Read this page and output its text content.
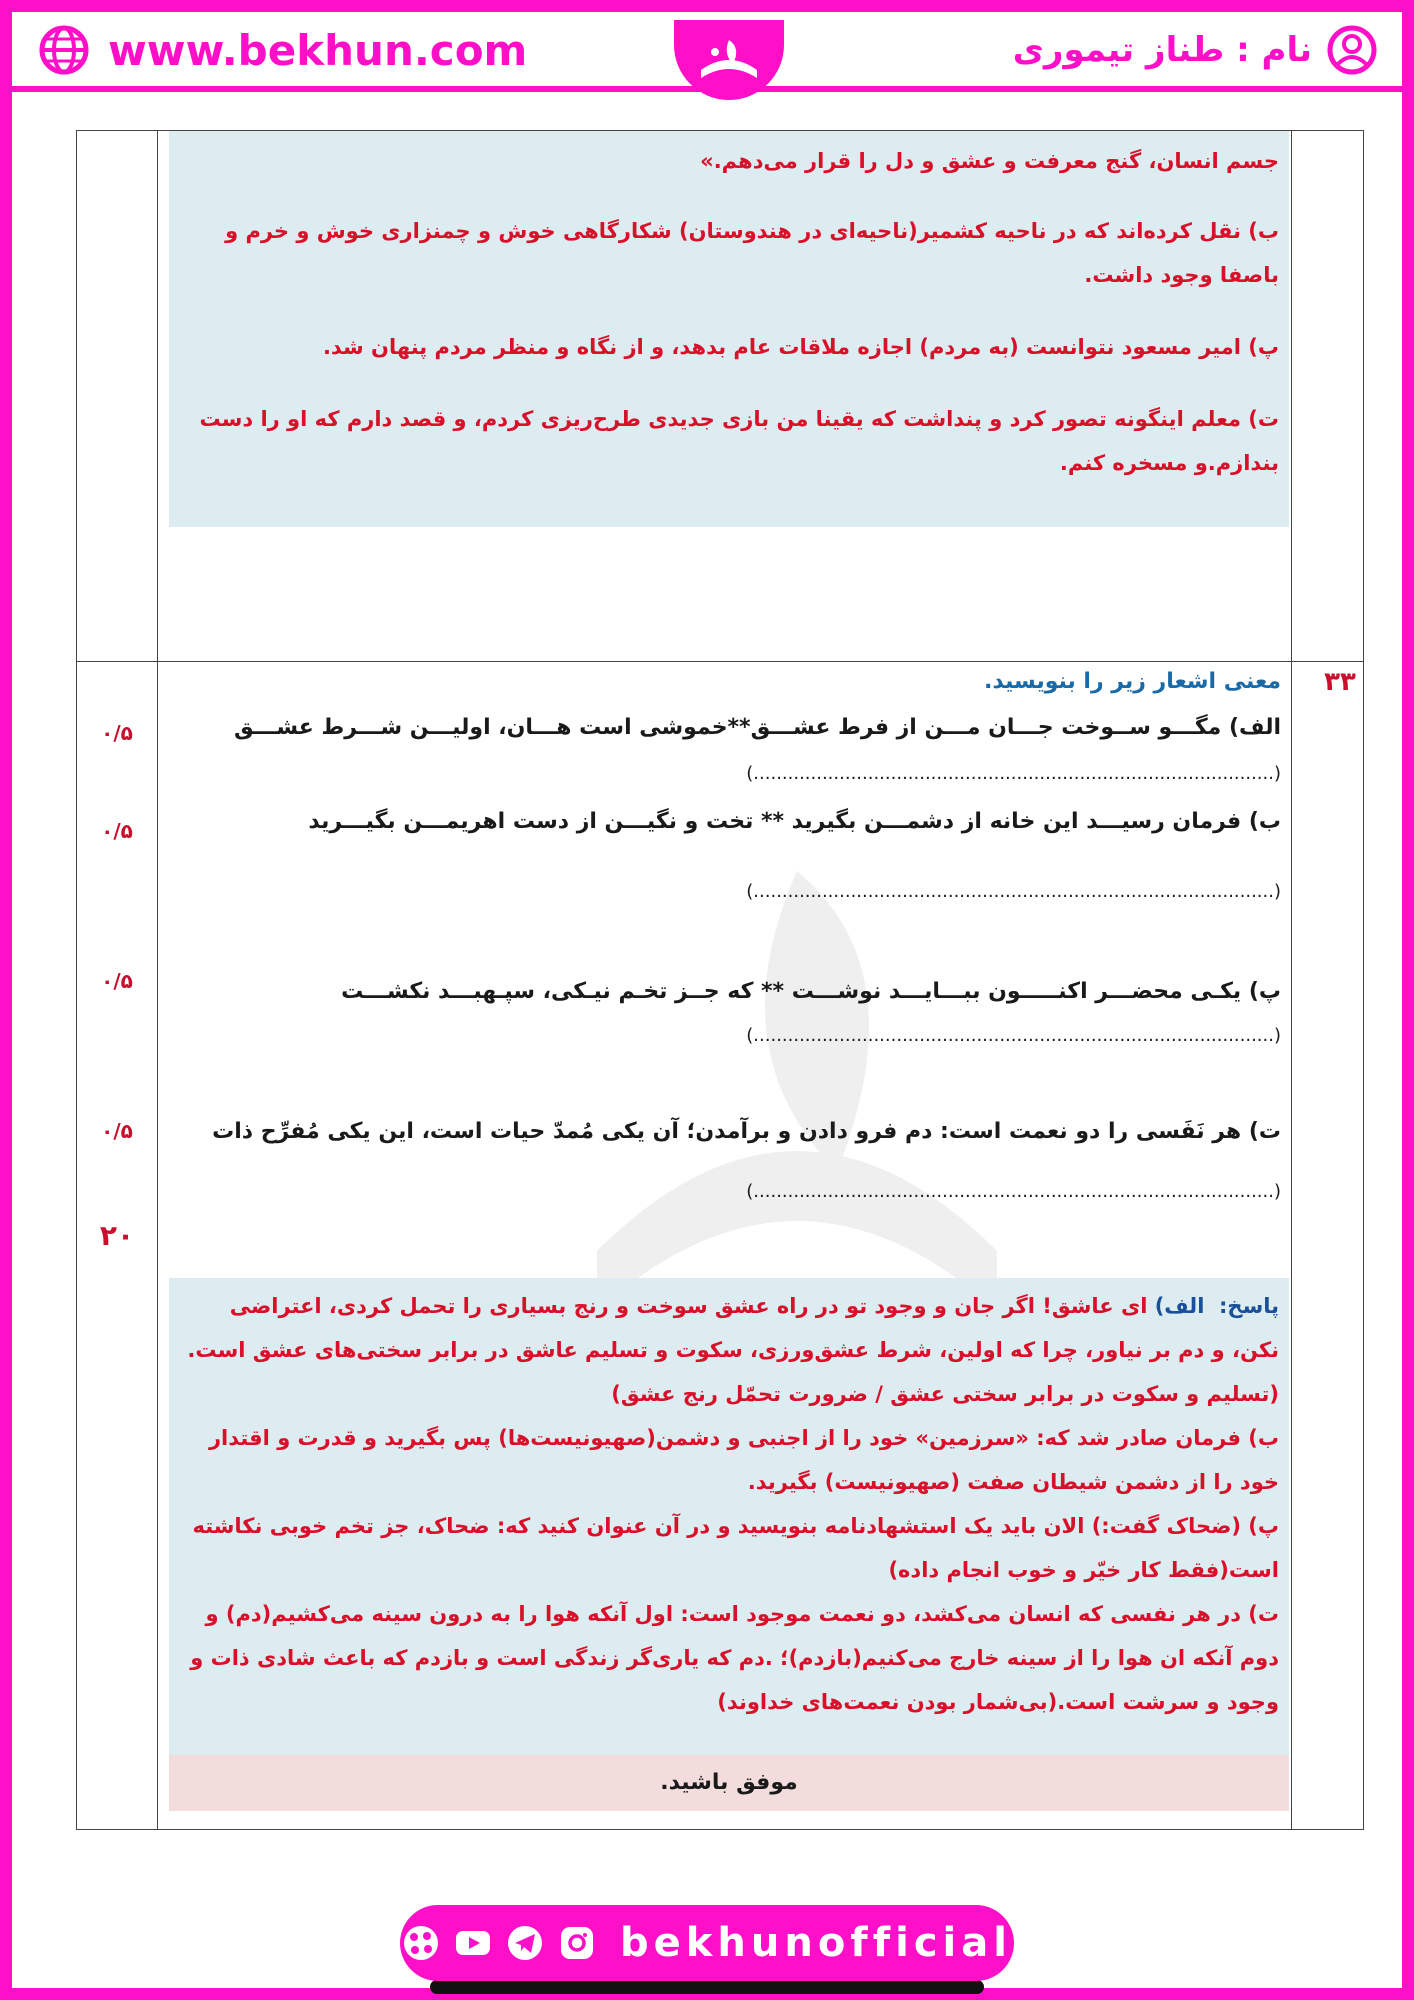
www.bekhun.com	نام : طناز تیموری

جسم انسان، گنج معرفت و عشق و دل را قرار می‌دهم.»

ب) نقل کرده‌اند که در ناحیه کشمیر(ناحیه‌ای در هندوستان) شکارگاهی خوش و چمنزاری خوش و خرم و باصفا وجود داشت.

پ) امیر مسعود نتوانست (به مردم) اجازه ملاقات عام بدهد، و از نگاه و منظر مردم پنهان شد.

ت) معلم اینگونه تصور کرد و پنداشت که یقینا من بازی جدیدی طرح‌ریزی کردم، و قصد دارم که او را دست بندازم.و مسخره کنم.

۳۳
معنی اشعار زیر را بنویسید.
الف) مگـــو ســوخت جـــان مـــن از فرط عشـــق**خموشی است هـــان، اولیـــن شـــرط عشـــق
۰/۵
(...........................................................................................)
ب) فرمان رسیـــد این خانه از دشمـــن بگیرید ** تخت و نگیـــن از دست اهریمـــن بگیـــرید
۰/۵
(...........................................................................................)
پ) یکـی محضـــر اکنـــــون ببـــایـــد نوشـــت ** که جــز تخـم نیـکی، سپـهبـــد نکشـــت
۰/۵
(...........................................................................................)
ت) هر نَفَسی را دو نعمت است: دم فرو دادن و برآمدن؛ آن یکی مُمدّ حیات است، این یکی مُفرِّح ذات
۰/۵
(...........................................................................................)
۲۰

پاسخ:  الف) ای عاشق! اگر جان و وجود تو در راه عشق سوخت و رنج بسیاری را تحمل کردی، اعتراضی نکن، و دم بر نیاور، چرا که اولین، شرط عشق‌ورزی، سکوت و تسلیم عاشق در برابر سختی‌های عشق است.(تسلیم و سکوت در برابر سختی عشق / ضرورت تحمّل رنج عشق)

ب) فرمان صادر شد که: «سرزمین» خود را از اجنبی و دشمن(صهیونیست‌ها) پس بگیرید و قدرت و اقتدار خود را از دشمن شیطان صفت (صهیونیست) بگیرید.

پ) (ضحاک گفت:) الان باید یک استشهادنامه بنویسید و در آن عنوان کنید که: ضحاک، جز تخم خوبی نکاشته است(فقط کار خیّر و خوب انجام داده)

ت) در هر نفسی که انسان می‌کشد، دو نعمت موجود است: اول آنکه هوا را به درون سینه می‌کشیم(دم) و دوم آنکه ان هوا را از سینه خارج می‌کنیم(بازدم)؛ .دم که یاری‌گر زندگی است و بازدم که باعث شادی ذات و وجود و سرشت است.(بی‌شمار بودن نعمت‌های خداوند)

موفق باشید.
bekhunofficial
